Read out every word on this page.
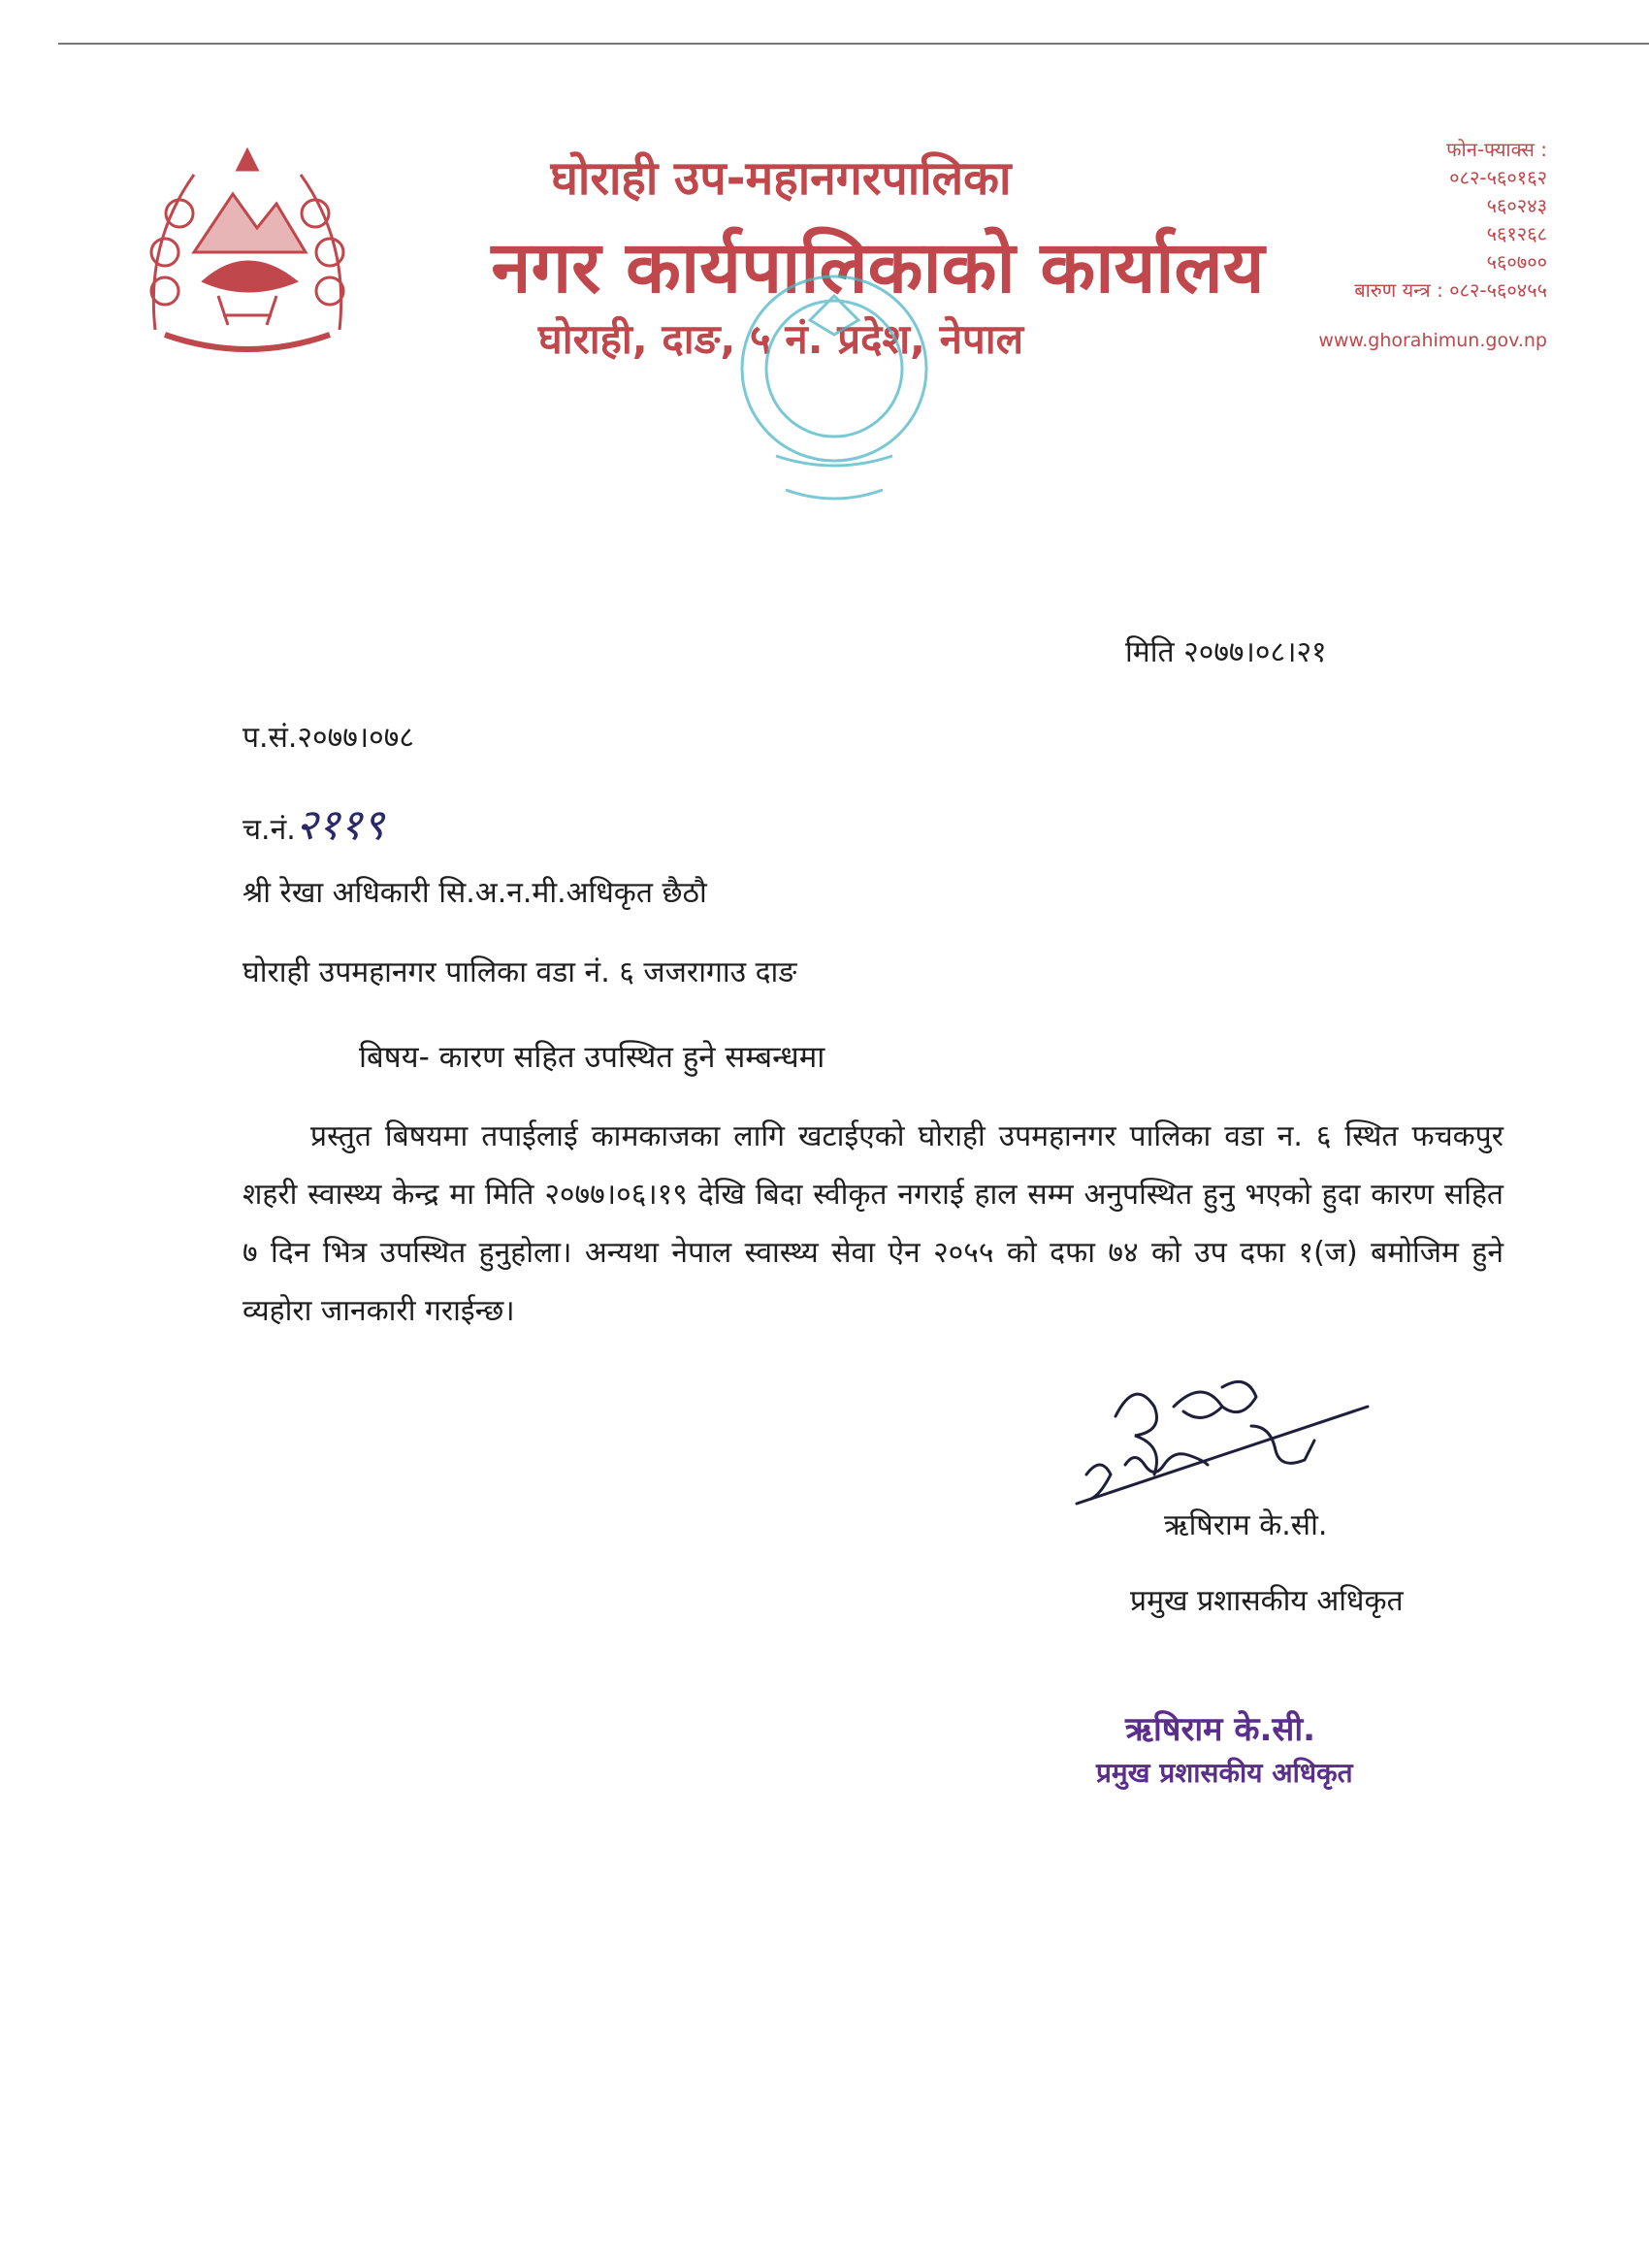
घोराही उप-महानगरपालिका
नगर कार्यपालिकाको कार्यालय
घोराही, दाङ, ५ नं. प्रदेश, नेपाल
फोन-फ्याक्स :
०८२-५६०१६२
५६०२४३
५६१२६८
५६०७००
बारुण यन्त्र : ०८२-५६०४५५
www.ghorahimun.gov.np
मिति २०७७।०८।२१
प.सं.२०७७।०७८
च.नं.२११९
श्री रेखा अधिकारी सि.अ.न.मी.अधिकृत छैठौ
घोराही उपमहानगर पालिका वडा नं. ६ जजरागाउ दाङ
बिषय- कारण सहित उपस्थित हुने सम्बन्धमा
प्रस्तुत बिषयमा तपाईलाई कामकाजका लागि खटाईएको घोराही उपमहानगर पालिका वडा न. ६ स्थित फचकपुर शहरी स्वास्थ्य केन्द्र मा मिति २०७७।०६।१९ देखि बिदा स्वीकृत नगराई हाल सम्म अनुपस्थित हुनु भएको हुदा कारण सहित ७ दिन भित्र उपस्थित हुनुहोला। अन्यथा नेपाल स्वास्थ्य सेवा ऐन २०५५ को दफा ७४ को उप दफा १(ज) बमोजिम हुने व्यहोरा जानकारी गराईन्छ।
ऋषिराम के.सी.
प्रमुख प्रशासकीय अधिकृत
ऋषिराम के.सी.
प्रमुख प्रशासकीय अधिकृत
